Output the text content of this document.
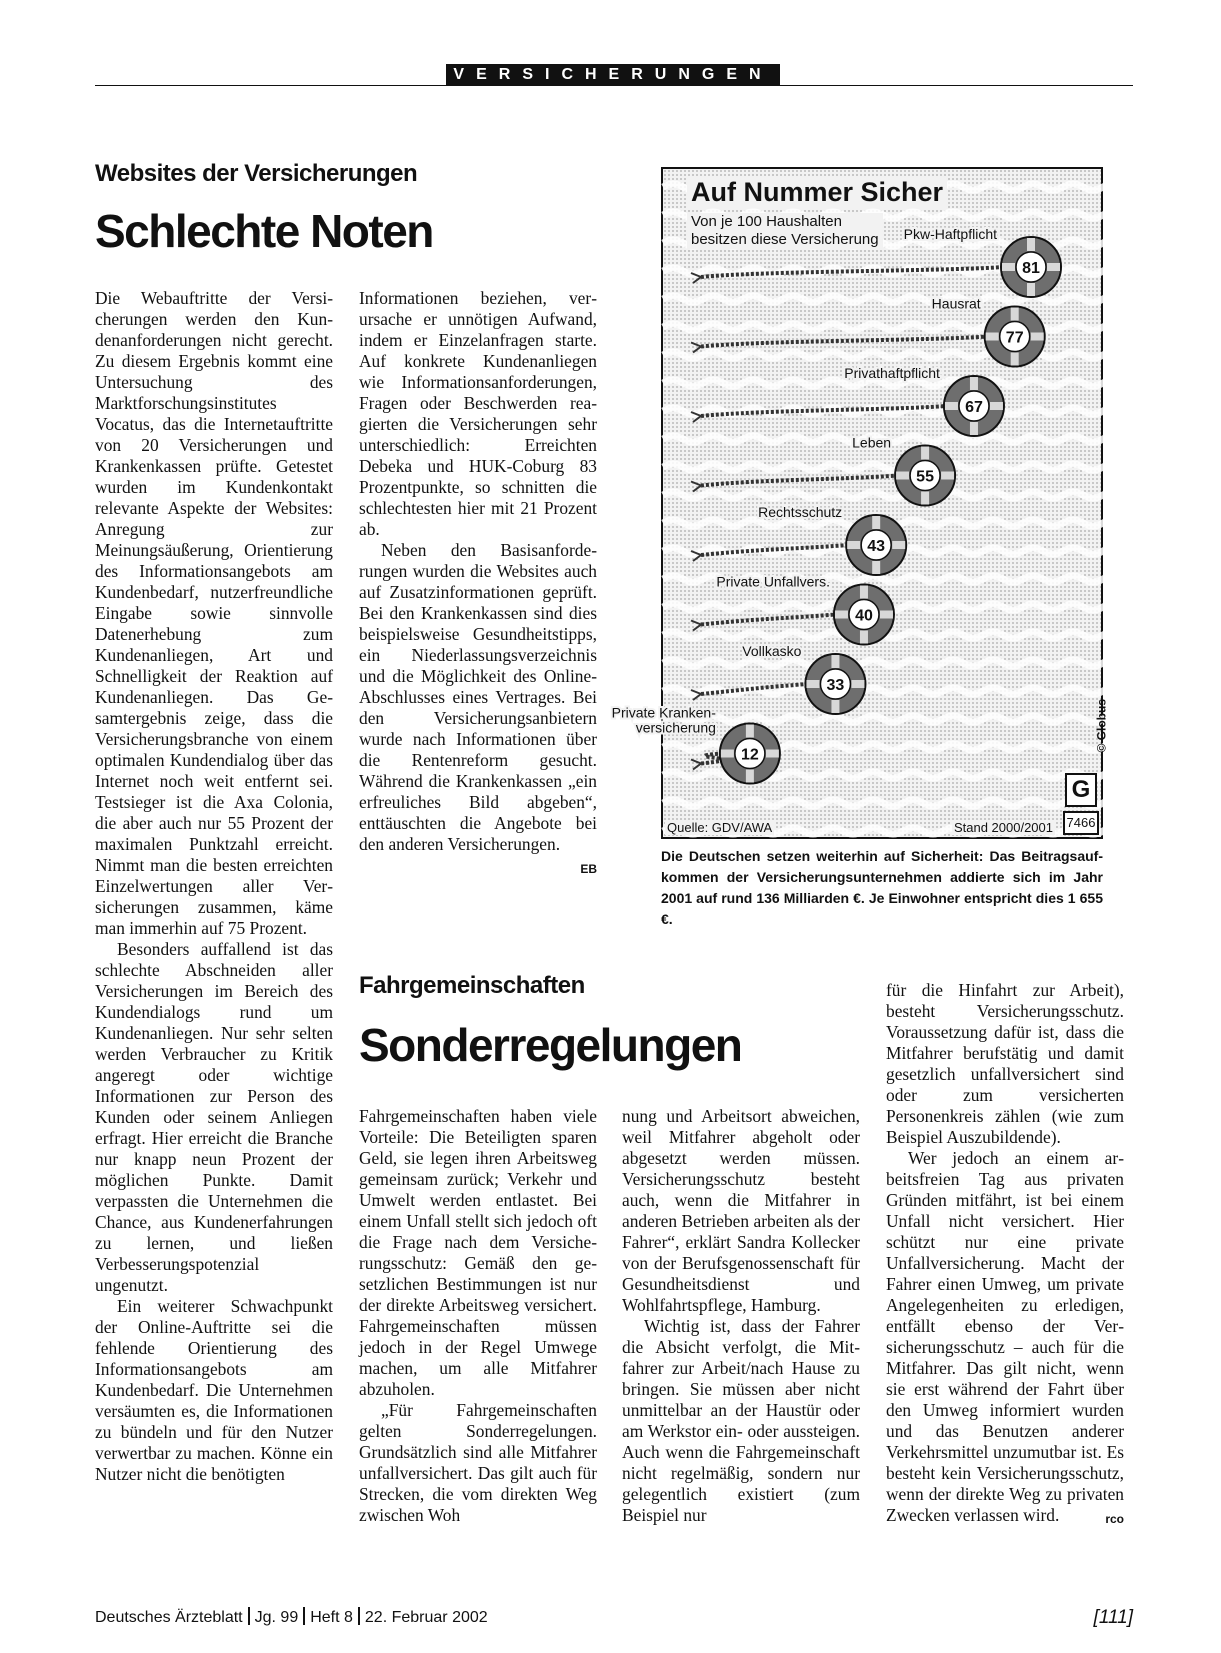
VERSICHERUNGEN
Websites der Versicherungen
Schlechte Noten

Die Webauftritte der Versicherungen werden den Kundenanforderungen nicht gerecht. Zu diesem Ergebnis kommt eine Untersuchung des Marktforschungsinstitutes Vocatus, das die Internetauftritte von 20 Versicherungen und Krankenkassen prüfte. Getestet wurden im Kundenkontakt relevante Aspekte der Websites: Anregung zur Meinungsäußerung, Orientierung des Informationsangebots am Kundenbedarf, nutzerfreundliche Eingabe sowie sinnvolle Datenerhebung zum Kundenanliegen, Art und Schnelligkeit der Reaktion auf Kundenanliegen. Das Gesamtergebnis zeige, dass die Versicherungsbranche von einem optimalen Kundendialog über das Internet noch weit entfernt sei. Testsieger ist die Axa Colonia, die aber auch nur 55 Prozent der maximalen Punktzahl erreicht. Nimmt man die besten erreichten Einzelwertungen aller Versicherungen zusammen, käme man immerhin auf 75 Prozent.

Besonders auffallend ist das schlechte Abschneiden aller Versicherungen im Bereich des Kundendialogs rund um Kundenanliegen. Nur sehr selten werden Verbraucher zu Kritik angeregt oder wichtige Informationen zur Person des Kunden oder seinem Anliegen erfragt. Hier erreicht die Branche nur knapp neun Prozent der möglichen Punkte. Damit verpassten die Unternehmen die Chance, aus Kundenerfahrungen zu lernen, und ließen Verbesserungspotenzial ungenutzt.

Ein weiterer Schwachpunkt der Online-Auftritte sei die fehlende Orientierung des Informationsangebots am Kundenbedarf. Die Unternehmen versäumten es, die Informationen zu bündeln und für den Nutzer verwertbar zu machen. Könne ein Nutzer nicht die benötigten

Informationen beziehen, verursache er unnötigen Aufwand, indem er Einzelanfragen starte. Auf konkrete Kundenanliegen wie Informationsanforderungen, Fragen oder Beschwerden reagierten die Versicherungen sehr unterschiedlich: Erreichten Debeka und HUK-Coburg 83 Prozentpunkte, so schnitten die schlechtesten hier mit 21 Prozent ab.

Neben den Basisanforderungen wurden die Websites auch auf Zusatzinformationen geprüft. Bei den Krankenkassen sind dies beispielsweise Gesundheitstipps, ein Niederlassungsverzeichnis und die Möglichkeit des Online-Abschlusses eines Vertrages. Bei den Versicherungsanbietern wurde nach Informationen über die Rentenreform gesucht. Während die Krankenkassen „ein erfreuliches Bild abgeben“, enttäuschten die Angebote bei den anderen Versicherungen.
EB

81
Pkw-Haftpflicht
77
Hausrat
67
Privathaftpflicht
55
Leben
43
Rechtsschutz
40
Private Unfallvers.
33
Vollkasko
12
Private Kranken-
versicherung
Auf Nummer Sicher
Von je 100 Haushalten
besitzen diese Versicherung
Quelle: GDV/AWA	Stand 2000/2001
© Globus
G
7466
Die Deutschen setzen weiterhin auf Sicherheit: Das Beitragsaufkommen der Versicherungsunternehmen addierte sich im Jahr 2001 auf rund 136 Milliarden €. Je Einwohner entspricht dies 1 655 €.
Fahrgemeinschaften
Sonderregelungen

Fahrgemeinschaften haben viele Vorteile: Die Beteiligten sparen Geld, sie legen ihren Arbeitsweg gemeinsam zurück; Verkehr und Umwelt werden entlastet. Bei einem Unfall stellt sich jedoch oft die Frage nach dem Versicherungsschutz: Gemäß den gesetzlichen Bestimmungen ist nur der direkte Arbeitsweg versichert. Fahrgemeinschaften müssen jedoch in der Regel Umwege machen, um alle Mitfahrer abzuholen.

„Für Fahrgemeinschaften gelten Sonderregelungen. Grundsätzlich sind alle Mitfahrer unfallversichert. Das gilt auch für Strecken, die vom direkten Weg zwischen Woh

nung und Arbeitsort abweichen, weil Mitfahrer abgeholt oder abgesetzt werden müssen. Versicherungsschutz besteht auch, wenn die Mitfahrer in anderen Betrieben arbeiten als der Fahrer“, erklärt Sandra Kollecker von der Berufsgenossenschaft für Gesundheitsdienst und Wohlfahrtspflege, Hamburg.

Wichtig ist, dass der Fahrer die Absicht verfolgt, die Mitfahrer zur Arbeit/nach Hause zu bringen. Sie müssen aber nicht unmittelbar an der Haustür oder am Werkstor ein- oder aussteigen. Auch wenn die Fahrgemeinschaft nicht regelmäßig, sondern nur gelegentlich existiert (zum Beispiel nur

für die Hinfahrt zur Arbeit), besteht Versicherungsschutz. Voraussetzung dafür ist, dass die Mitfahrer berufstätig und damit gesetzlich unfallversichert sind oder zum versicherten Personenkreis zählen (wie zum Beispiel Auszubildende).

Wer jedoch an einem arbeitsfreien Tag aus privaten Gründen mitfährt, ist bei einem Unfall nicht versichert. Hier schützt nur eine private Unfallversicherung. Macht der Fahrer einen Umweg, um private Angelegenheiten zu erledigen, entfällt ebenso der Versicherungsschutz – auch für die Mitfahrer. Das gilt nicht, wenn sie erst während der Fahrt über den Umweg informiert wurden und das Benutzen anderer Verkehrsmittel unzumutbar ist. Es besteht kein Versicherungsschutz, wenn der direkte Weg zu privaten Zwecken verlassen wird.	rco

Deutsches Ärzteblatt Jg. 99 Heft 8 22. Februar 2002	[111]
